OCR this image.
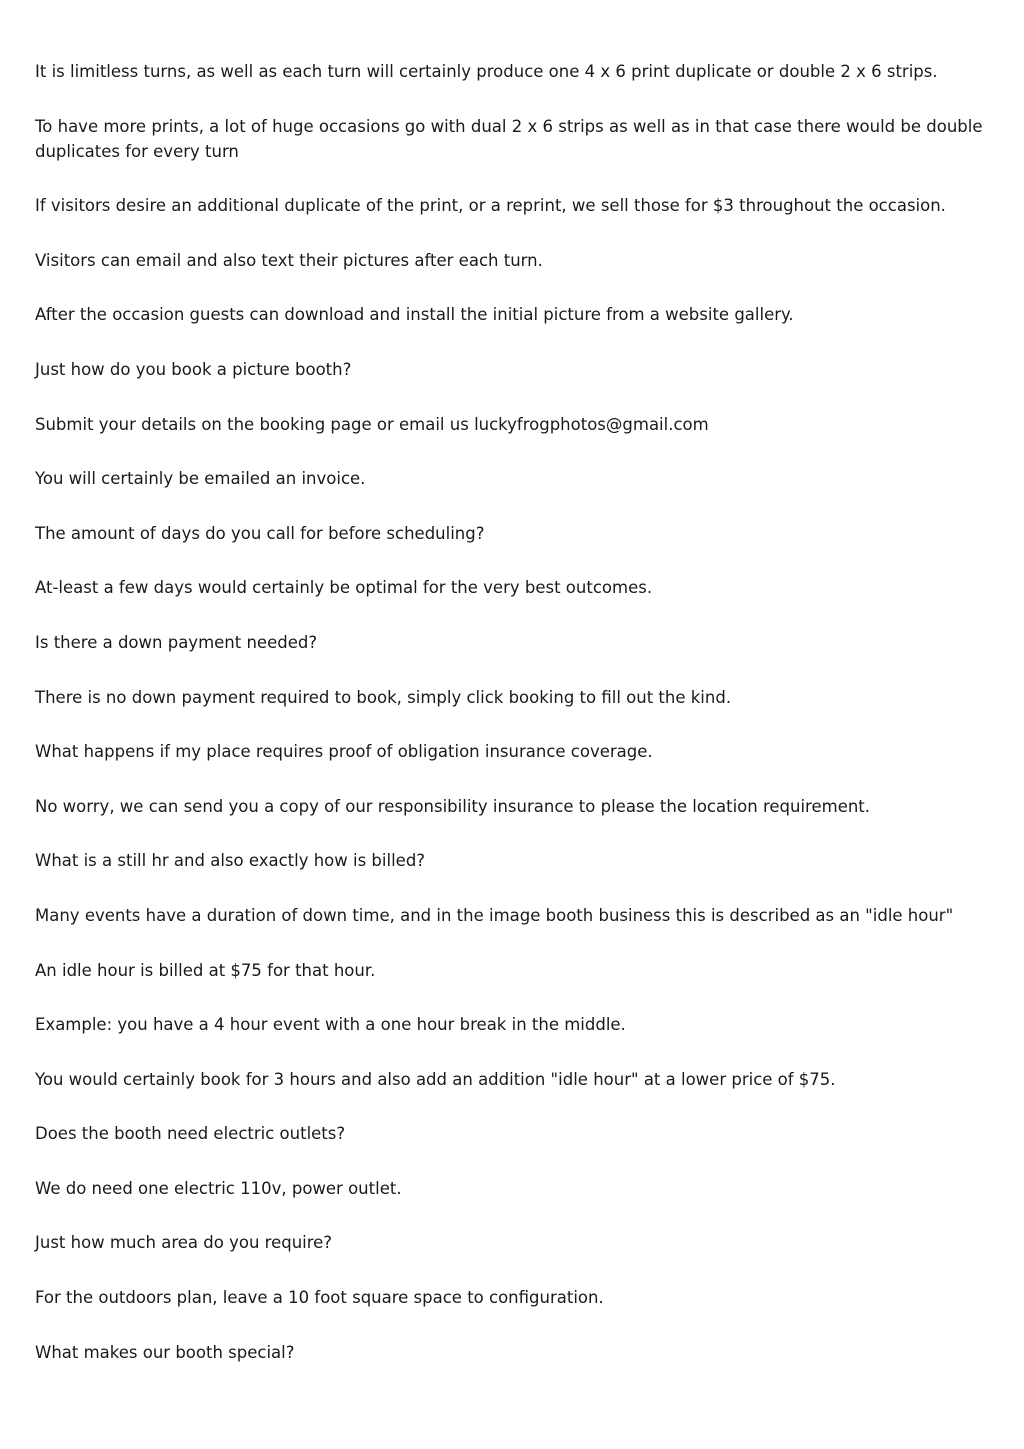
It is limitless turns, as well as each turn will certainly produce one 4 x 6 print duplicate or double 2 x 6 strips.

To have more prints, a lot of huge occasions go with dual 2 x 6 strips as well as in that case there would be double duplicates for every turn

If visitors desire an additional duplicate of the print, or a reprint, we sell those for $3 throughout the occasion.

Visitors can email and also text their pictures after each turn.

After the occasion guests can download and install the initial picture from a website gallery.

Just how do you book a picture booth?

Submit your details on the booking page or email us luckyfrogphotos@gmail.com

You will certainly be emailed an invoice.

The amount of days do you call for before scheduling?

At-least a few days would certainly be optimal for the very best outcomes.

Is there a down payment needed?

There is no down payment required to book, simply click booking to fill out the kind.

What happens if my place requires proof of obligation insurance coverage.

No worry, we can send you a copy of our responsibility insurance to please the location requirement.

What is a still hr and also exactly how is billed?

Many events have a duration of down time, and in the image booth business this is described as an "idle hour"

An idle hour is billed at $75 for that hour.

Example: you have a 4 hour event with a one hour break in the middle.

You would certainly book for 3 hours and also add an addition "idle hour" at a lower price of $75.

Does the booth need electric outlets?

We do need one electric 110v, power outlet.

Just how much area do you require?

For the outdoors plan, leave a 10 foot square space to configuration.

What makes our booth special?
